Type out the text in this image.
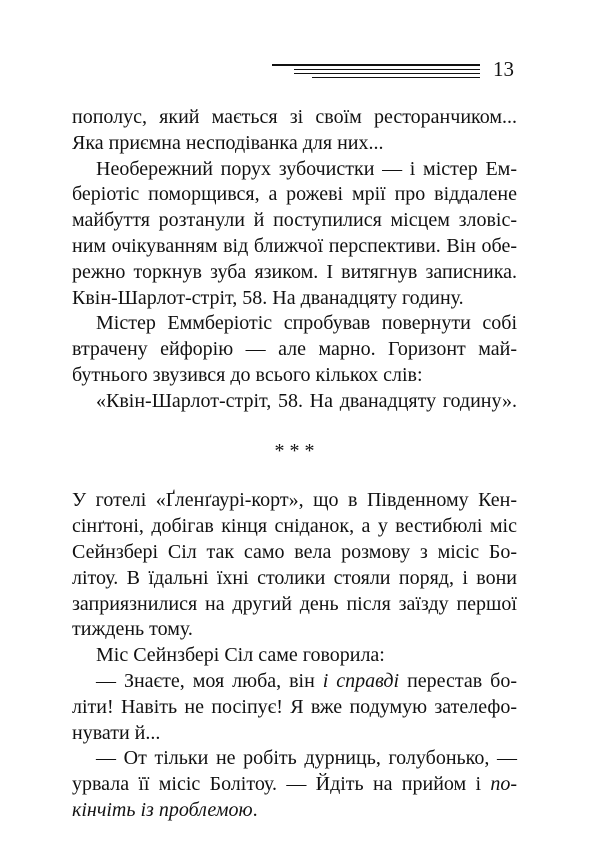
13
пополус, який мається зі своїм ресторанчиком...
Яка приємна несподіванка для них...
Необережний порух зубочистки — і містер Ем-
беріотіс поморщився, а рожеві мрії про віддалене
майбуття розтанули й поступилися місцем зловіс-
ним очікуванням від ближчої перспективи. Він обе-
режно торкнув зуба язиком. І витягнув записника.
Квін-Шарлот-стріт, 58. На дванадцяту годину.
Містер Еммберіотіс спробував повернути собі
втрачену ейфорію — але марно. Горизонт май-
бутнього звузився до всього кількох слів:
«Квін-Шарлот-стріт, 58. На дванадцяту годину».
* * *
У готелі «Ґленґаурі-корт», що в Південному Кен-
сінґтоні, добігав кінця сніданок, а у вестибюлі міс
Сейнзбері Сіл так само вела розмову з місіс Бо-
літоу. В їдальні їхні столики стояли поряд, і вони
заприязнилися на другий день після заїзду першої
тиждень тому.
Міс Сейнзбері Сіл саме говорила:
— Знаєте, моя люба, він і справді перестав бо-
літи! Навіть не посіпує! Я вже подумую зателефо-
нувати й...
— От тільки не робіть дурниць, голубонько, —
урвала її місіс Болітоу. — Йдіть на прийом і по-
кінчіть із проблемою.
